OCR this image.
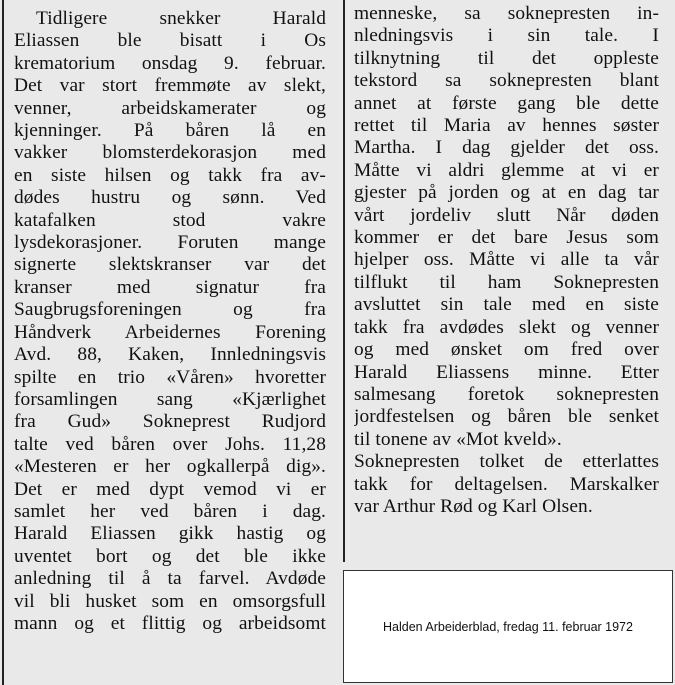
Tidligere snekker Harald
Eliassen ble bisatt i Os
krematorium onsdag 9. februar.
Det var stort fremmøte av slekt,
venner, arbeidskamerater og
kjenninger. På båren lå en
vakker blomsterdekorasjon med
en siste hilsen og takk fra av-
dødes hustru og sønn. Ved
katafalken stod vakre
lysdekorasjoner. Foruten mange
signerte slektskranser var det
kranser med signatur fra
Saugbrugsforeningen og fra
Håndverk Arbeidernes Forening
Avd. 88, Kaken, Innledningsvis
spilte en trio «Våren» hvoretter
forsamlingen sang «Kjærlighet
fra Gud» Sokneprest Rudjord
talte ved båren over Johs. 11,28
«Mesteren er her ogkallerpå dig».
Det er med dypt vemod vi er
samlet her ved båren i dag.
Harald Eliassen gikk hastig og
uventet bort og det ble ikke
anledning til å ta farvel. Avdøde
vil bli husket som en omsorgsfull
mann og et flittig og arbeidsomt
menneske, sa soknepresten in-
nledningsvis i sin tale. I
tilknytning til det oppleste
tekstord sa soknepresten blant
annet at første gang ble dette
rettet til Maria av hennes søster
Martha. I dag gjelder det oss.
Måtte vi aldri glemme at vi er
gjester på jorden og at en dag tar
vårt jordeliv slutt Når døden
kommer er det bare Jesus som
hjelper oss. Måtte vi alle ta vår
tilflukt til ham Soknepresten
avsluttet sin tale med en siste
takk fra avdødes slekt og venner
og med ønsket om fred over
Harald Eliassens minne. Etter
salmesang foretok soknepresten
jordfestelsen og båren ble senket
til tonene av «Mot kveld».
Soknepresten tolket de etterlattes
takk for deltagelsen. Marskalker
var Arthur Rød og Karl Olsen.
Halden Arbeiderblad, fredag 11. februar 1972
